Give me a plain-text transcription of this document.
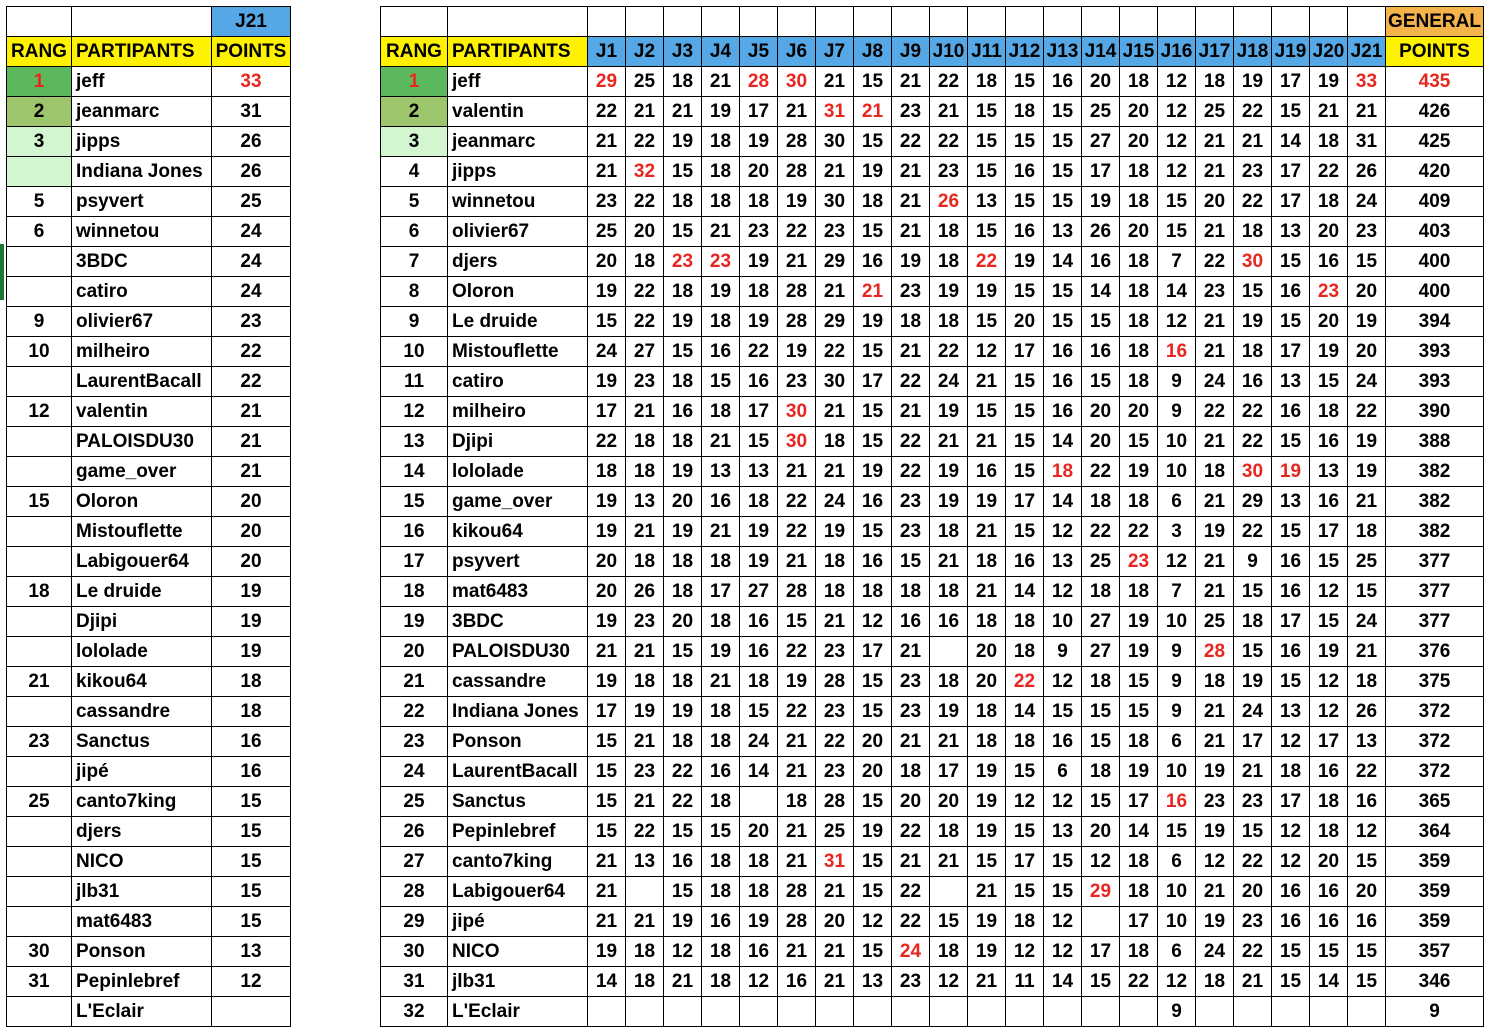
		J21
RANG	PARTIPANTS	POINTS
1	jeff	33
2	jeanmarc	31
3	jipps	26
	Indiana Jones	26
5	psyvert	25
6	winnetou	24
	3BDC	24
	catiro	24
9	olivier67	23
10	milheiro	22
	LaurentBacall	22
12	valentin	21
	PALOISDU30	21
	game_over	21
15	Oloron	20
	Mistouflette	20
	Labigouer64	20
18	Le druide	19
	Djipi	19
	lololade	19
21	kikou64	18
	cassandre	18
23	Sanctus	16
	jipé	16
25	canto7king	15
	djers	15
	NICO	15
	jlb31	15
	mat6483	15
30	Ponson	13
31	Pepinlebref	12
	L'Eclair	
																							GENERAL
RANG	PARTIPANTS	J1	J2	J3	J4	J5	J6	J7	J8	J9	J10	J11	J12	J13	J14	J15	J16	J17	J18	J19	J20	J21	POINTS
1	jeff	29	25	18	21	28	30	21	15	21	22	18	15	16	20	18	12	18	19	17	19	33	435
2	valentin	22	21	21	19	17	21	31	21	23	21	15	18	15	25	20	12	25	22	15	21	21	426
3	jeanmarc	21	22	19	18	19	28	30	15	22	22	15	15	15	27	20	12	21	21	14	18	31	425
4	jipps	21	32	15	18	20	28	21	19	21	23	15	16	15	17	18	12	21	23	17	22	26	420
5	winnetou	23	22	18	18	18	19	30	18	21	26	13	15	15	19	18	15	20	22	17	18	24	409
6	olivier67	25	20	15	21	23	22	23	15	21	18	15	16	13	26	20	15	21	18	13	20	23	403
7	djers	20	18	23	23	19	21	29	16	19	18	22	19	14	16	18	7	22	30	15	16	15	400
8	Oloron	19	22	18	19	18	28	21	21	23	19	19	15	15	14	18	14	23	15	16	23	20	400
9	Le druide	15	22	19	18	19	28	29	19	18	18	15	20	15	15	18	12	21	19	15	20	19	394
10	Mistouflette	24	27	15	16	22	19	22	15	21	22	12	17	16	16	18	16	21	18	17	19	20	393
11	catiro	19	23	18	15	16	23	30	17	22	24	21	15	16	15	18	9	24	16	13	15	24	393
12	milheiro	17	21	16	18	17	30	21	15	21	19	15	15	16	20	20	9	22	22	16	18	22	390
13	Djipi	22	18	18	21	15	30	18	15	22	21	21	15	14	20	15	10	21	22	15	16	19	388
14	lololade	18	18	19	13	13	21	21	19	22	19	16	15	18	22	19	10	18	30	19	13	19	382
15	game_over	19	13	20	16	18	22	24	16	23	19	19	17	14	18	18	6	21	29	13	16	21	382
16	kikou64	19	21	19	21	19	22	19	15	23	18	21	15	12	22	22	3	19	22	15	17	18	382
17	psyvert	20	18	18	18	19	21	18	16	15	21	18	16	13	25	23	12	21	9	16	15	25	377
18	mat6483	20	26	18	17	27	28	18	18	18	18	21	14	12	18	18	7	21	15	16	12	15	377
19	3BDC	19	23	20	18	16	15	21	12	16	16	18	18	10	27	19	10	25	18	17	15	24	377
20	PALOISDU30	21	21	15	19	16	22	23	17	21		20	18	9	27	19	9	28	15	16	19	21	376
21	cassandre	19	18	18	21	18	19	28	15	23	18	20	22	12	18	15	9	18	19	15	12	18	375
22	Indiana Jones	17	19	19	18	15	22	23	15	23	19	18	14	15	15	15	9	21	24	13	12	26	372
23	Ponson	15	21	18	18	24	21	22	20	21	21	18	18	16	15	18	6	21	17	12	17	13	372
24	LaurentBacall	15	23	22	16	14	21	23	20	18	17	19	15	6	18	19	10	19	21	18	16	22	372
25	Sanctus	15	21	22	18		18	28	15	20	20	19	12	12	15	17	16	23	23	17	18	16	365
26	Pepinlebref	15	22	15	15	20	21	25	19	22	18	19	15	13	20	14	15	19	15	12	18	12	364
27	canto7king	21	13	16	18	18	21	31	15	21	21	15	17	15	12	18	6	12	22	12	20	15	359
28	Labigouer64	21		15	18	18	28	21	15	22		21	15	15	29	18	10	21	20	16	16	20	359
29	jipé	21	21	19	16	19	28	20	12	22	15	19	18	12		17	10	19	23	16	16	16	359
30	NICO	19	18	12	18	16	21	21	15	24	18	19	12	12	17	18	6	24	22	15	15	15	357
31	jlb31	14	18	21	18	12	16	21	13	23	12	21	11	14	15	22	12	18	21	15	14	15	346
32	L'Eclair																9						9
